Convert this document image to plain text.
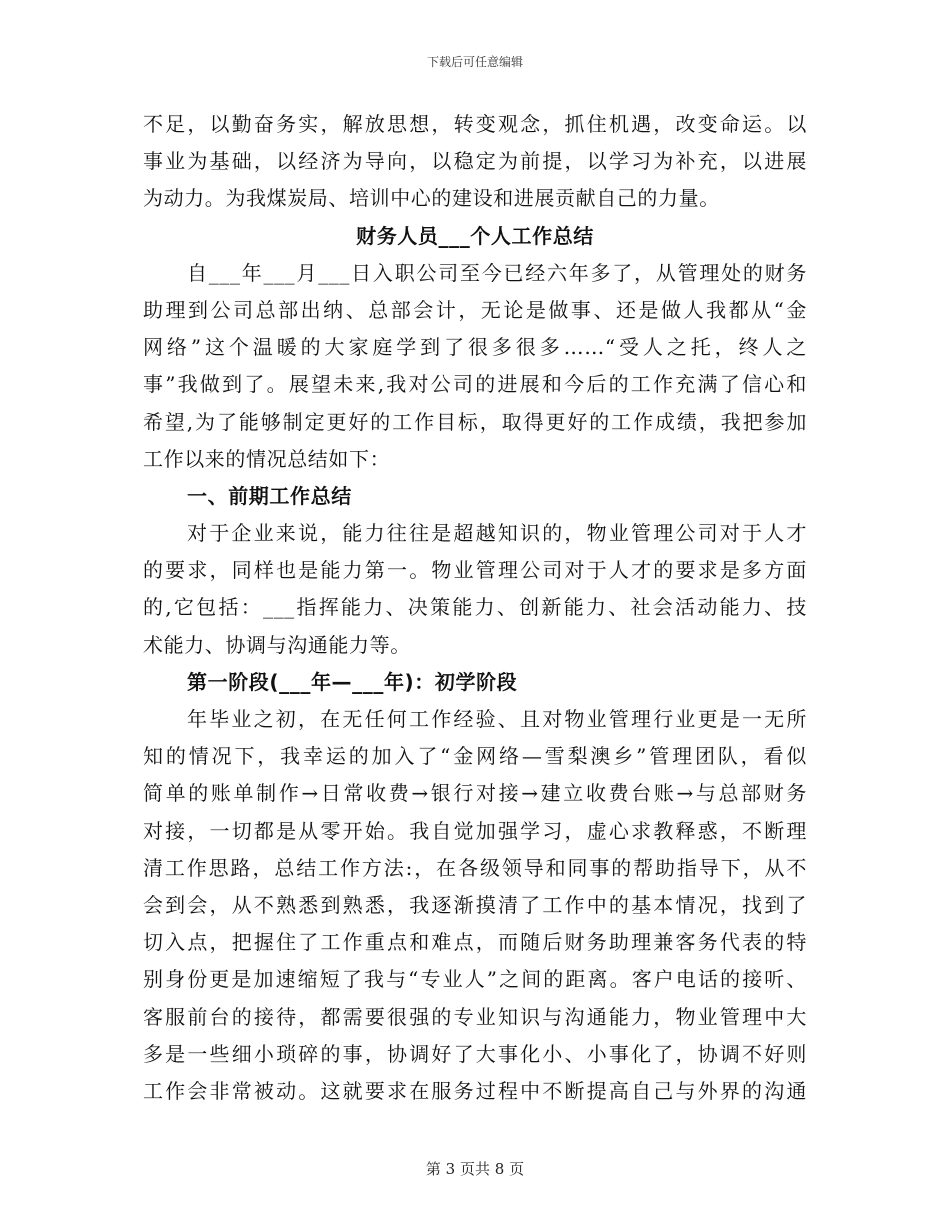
下载后可任意编辑
不足，以勤奋务实，解放思想，转变观念，抓住机遇，改变命运。以
事业为基础，以经济为导向，以稳定为前提，以学习为补充，以进展
为动力。为我煤炭局、培训中心的建设和进展贡献自己的力量。
财务人员___个人工作总结
自___年___月___日入职公司至今已经六年多了，从管理处的财务
助理到公司总部出纳、总部会计，无论是做事、还是做人我都从“金
网络”这个温暖的大家庭学到了很多很多……“受人之托，终人之
事”我做到了。展望未来,我对公司的进展和今后的工作充满了信心和
希望,为了能够制定更好的工作目标，取得更好的工作成绩，我把参加
工作以来的情况总结如下：
一、前期工作总结
对于企业来说，能力往往是超越知识的，物业管理公司对于人才
的要求，同样也是能力第一。物业管理公司对于人才的要求是多方面
的,它包括：___指挥能力、决策能力、创新能力、社会活动能力、技
术能力、协调与沟通能力等。
第一阶段(___年—___年)：初学阶段
年毕业之初，在无任何工作经验、且对物业管理行业更是一无所
知的情况下，我幸运的加入了“金网络—雪梨澳乡”管理团队，看似
简单的账单制作→日常收费→银行对接→建立收费台账→与总部财务
对接，一切都是从零开始。我自觉加强学习，虚心求教释惑，不断理
清工作思路，总结工作方法:，在各级领导和同事的帮助指导下，从不
会到会，从不熟悉到熟悉，我逐渐摸清了工作中的基本情况，找到了
切入点，把握住了工作重点和难点，而随后财务助理兼客务代表的特
别身份更是加速缩短了我与“专业人”之间的距离。客户电话的接听、
客服前台的接待，都需要很强的专业知识与沟通能力，物业管理中大
多是一些细小琐碎的事，协调好了大事化小、小事化了，协调不好则
工作会非常被动。这就要求在服务过程中不断提高自己与外界的沟通
第 3 页共 8 页
